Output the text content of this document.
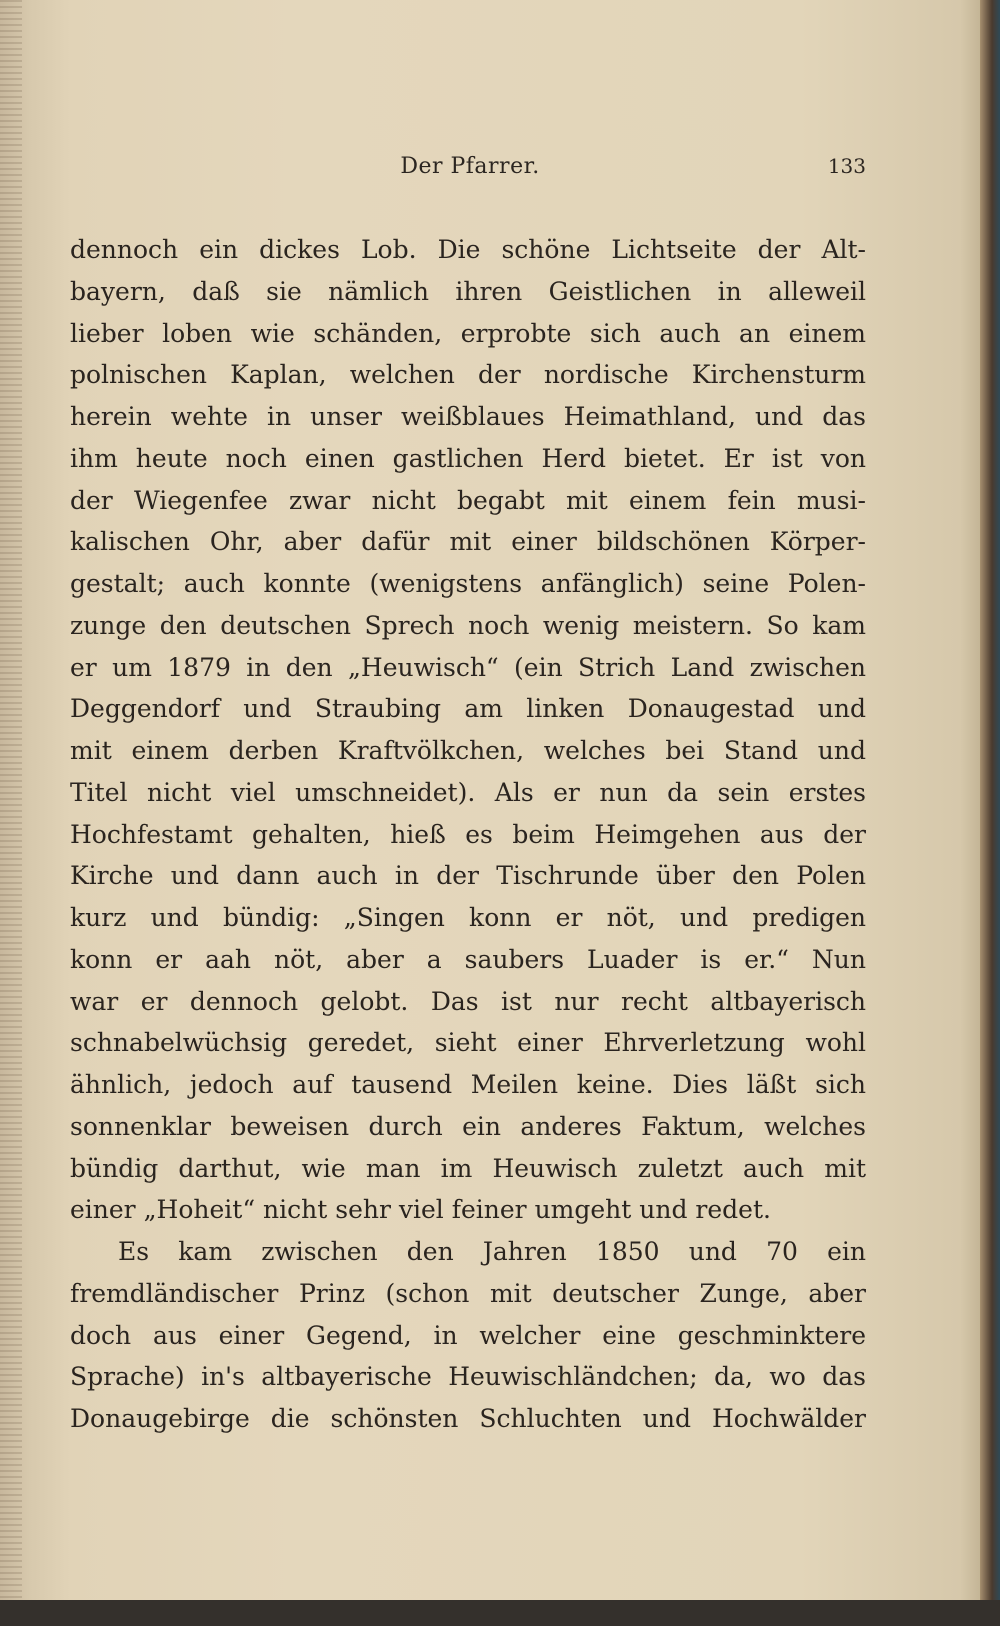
Der Pfarrer.	133
dennoch ein dickes Lob. Die schöne Lichtseite der Alt-
bayern, daß sie nämlich ihren Geistlichen in alleweil
lieber loben wie schänden, erprobte sich auch an einem
polnischen Kaplan, welchen der nordische Kirchensturm
herein wehte in unser weißblaues Heimathland, und das
ihm heute noch einen gastlichen Herd bietet. Er ist von
der Wiegenfee zwar nicht begabt mit einem fein musi-
kalischen Ohr, aber dafür mit einer bildschönen Körper-
gestalt; auch konnte (wenigstens anfänglich) seine Polen-
zunge den deutschen Sprech noch wenig meistern. So kam
er um 1879 in den „Heuwisch“ (ein Strich Land zwischen
Deggendorf und Straubing am linken Donaugestad und
mit einem derben Kraftvölkchen, welches bei Stand und
Titel nicht viel umschneidet). Als er nun da sein erstes
Hochfestamt gehalten, hieß es beim Heimgehen aus der
Kirche und dann auch in der Tischrunde über den Polen
kurz und bündig: „Singen konn er nöt, und predigen
konn er aah nöt, aber a saubers Luader is er.“ Nun
war er dennoch gelobt. Das ist nur recht altbayerisch
schnabelwüchsig geredet, sieht einer Ehrverletzung wohl
ähnlich, jedoch auf tausend Meilen keine. Dies läßt sich
sonnenklar beweisen durch ein anderes Faktum, welches
bündig darthut, wie man im Heuwisch zuletzt auch mit
einer „Hoheit“ nicht sehr viel feiner umgeht und redet.
Es kam zwischen den Jahren 1850 und 70 ein
fremdländischer Prinz (schon mit deutscher Zunge, aber
doch aus einer Gegend, in welcher eine geschminktere
Sprache) in's altbayerische Heuwischländchen; da, wo das
Donaugebirge die schönsten Schluchten und Hochwälder
